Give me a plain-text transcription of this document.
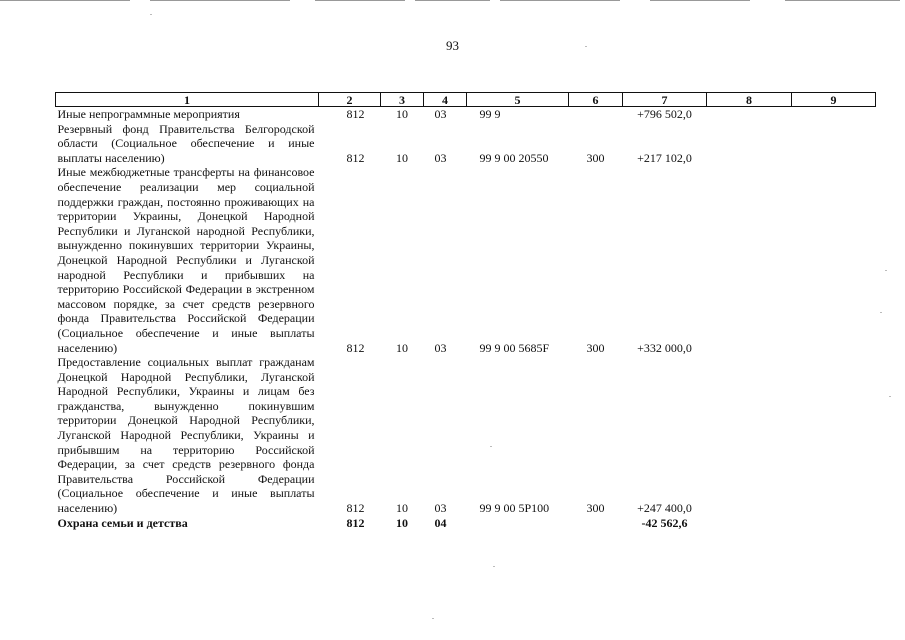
93
1	2	3	4	5	6	7	8	9
Иные непрограммные мероприятия	812	10	03	99 9		+796 502,0		
Резервный фонд Правительства Белгородской области (Социальное обеспечение и иные выплаты населению)	812	10	03	99 9 00 20550	300	+217 102,0		
Иные межбюджетные трансферты на финансовое обеспечение реализации мер социальной поддержки граждан, постоянно проживающих на территории Украины, Донецкой Народной Республики и Луганской народной Республики, вынужденно покинувших территории Украины, Донецкой Народной Республики и Луганской народной Республики и прибывших на территорию Российской Федерации в экстренном массовом порядке, за счет средств резервного фонда Правительства Российской Федерации (Социальное обеспечение и иные выплаты населению)	812	10	03	99 9 00 5685F	300	+332 000,0		
Предоставление социальных выплат гражданам Донецкой Народной Республики, Луганской Народной Республики, Украины и лицам без гражданства, вынужденно покинувшим территории Донецкой Народной Республики, Луганской Народной Республики, Украины и прибывшим на территорию Российской Федерации, за счет средств резервного фонда Правительства Российской Федерации (Социальное обеспечение и иные выплаты населению)	812	10	03	99 9 00 5P100	300	+247 400,0		
Охрана семьи и детства	812	10	04			-42 562,6		
